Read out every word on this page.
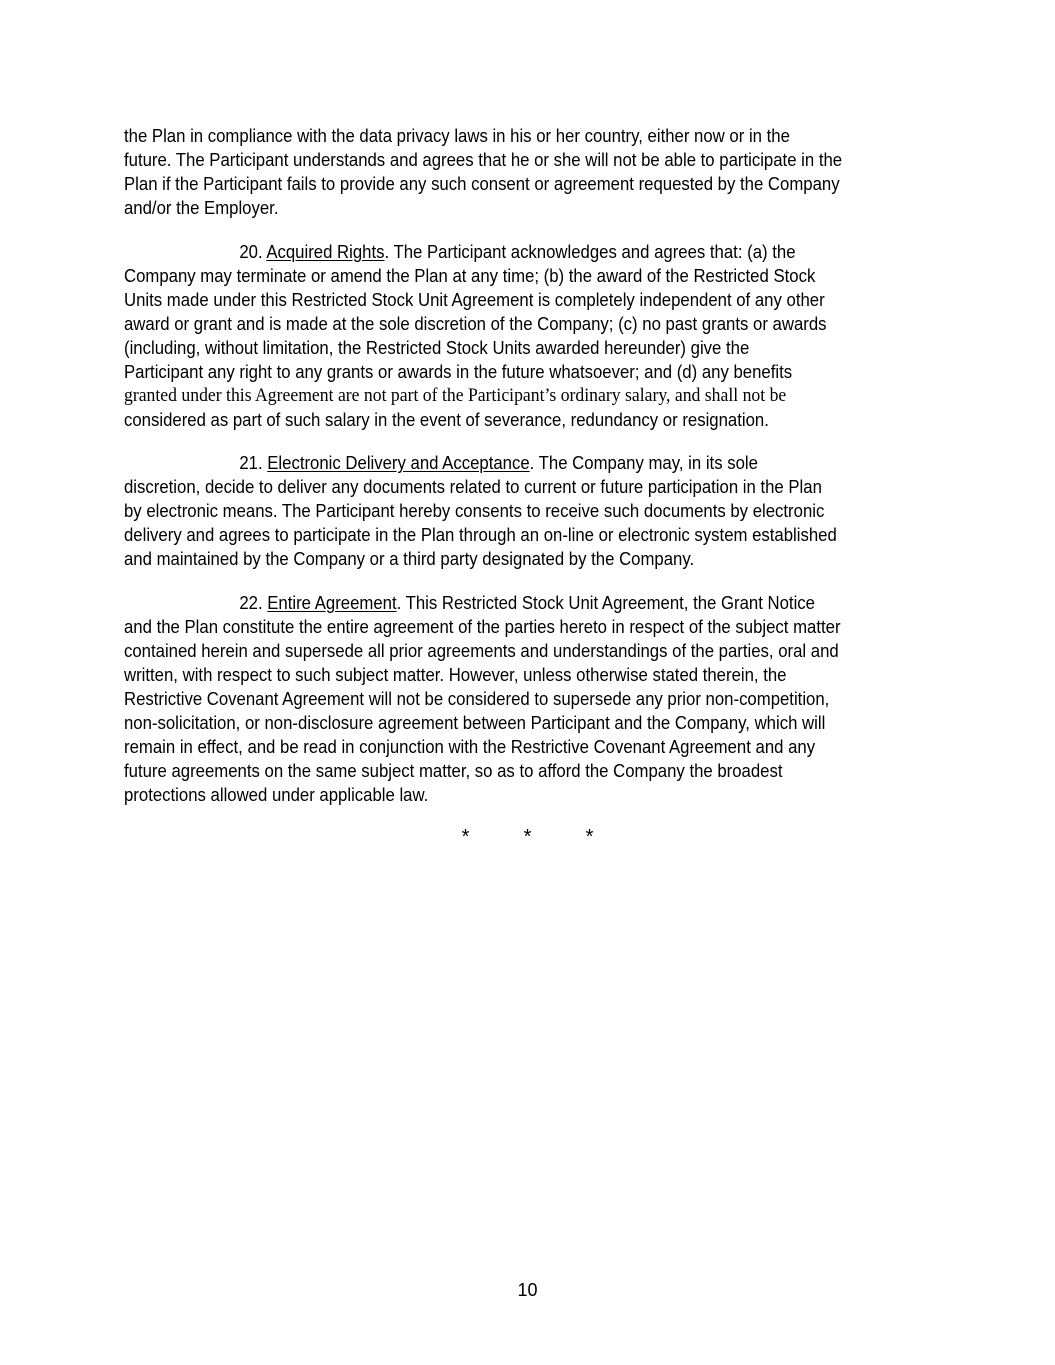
the Plan in compliance with the data privacy laws in his or her country, either now or in the
future. The Participant understands and agrees that he or she will not be able to participate in the
Plan if the Participant fails to provide any such consent or agreement requested by the Company
and/or the Employer.
20. Acquired Rights. The Participant acknowledges and agrees that: (a) the
Company may terminate or amend the Plan at any time; (b) the award of the Restricted Stock
Units made under this Restricted Stock Unit Agreement is completely independent of any other
award or grant and is made at the sole discretion of the Company; (c) no past grants or awards
(including, without limitation, the Restricted Stock Units awarded hereunder) give the
Participant any right to any grants or awards in the future whatsoever; and (d) any benefits
granted under this Agreement are not part of the Participant’s ordinary salary, and shall not be
considered as part of such salary in the event of severance, redundancy or resignation.
21. Electronic Delivery and Acceptance. The Company may, in its sole
discretion, decide to deliver any documents related to current or future participation in the Plan
by electronic means. The Participant hereby consents to receive such documents by electronic
delivery and agrees to participate in the Plan through an on-line or electronic system established
and maintained by the Company or a third party designated by the Company.
22. Entire Agreement. This Restricted Stock Unit Agreement, the Grant Notice
and the Plan constitute the entire agreement of the parties hereto in respect of the subject matter
contained herein and supersede all prior agreements and understandings of the parties, oral and
written, with respect to such subject matter. However, unless otherwise stated therein, the
Restrictive Covenant Agreement will not be considered to supersede any prior non-competition,
non-solicitation, or non-disclosure agreement between Participant and the Company, which will
remain in effect, and be read in conjunction with the Restrictive Covenant Agreement and any
future agreements on the same subject matter, so as to afford the Company the broadest
protections allowed under applicable law.
*	*	*
10
